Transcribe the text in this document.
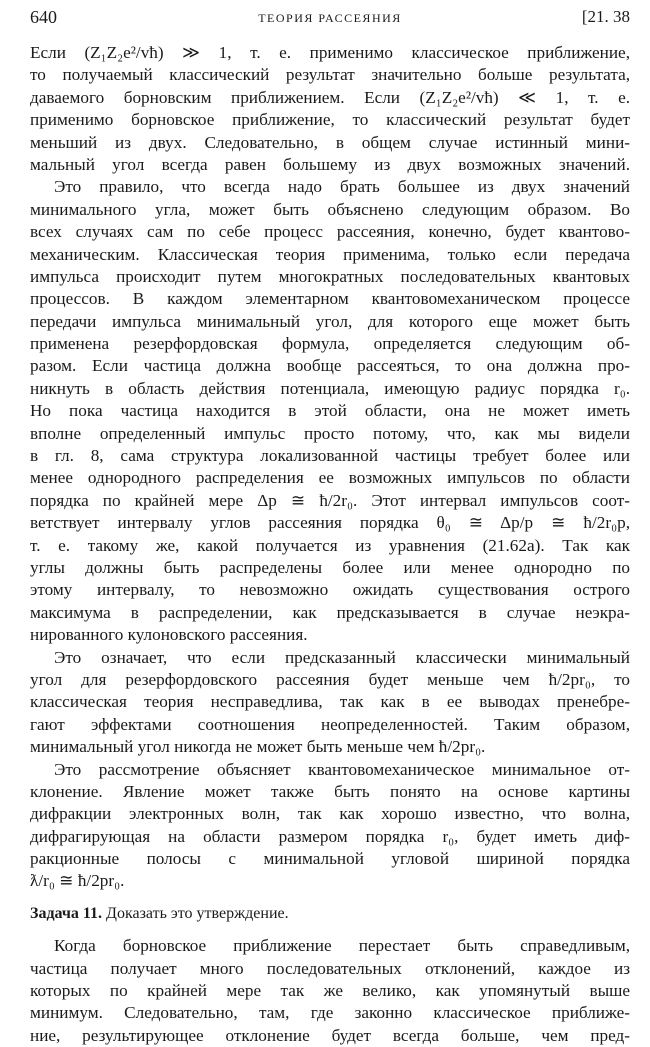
640	ТЕОРИЯ РАССЕЯНИЯ	[21. 38
Если (Z₁Z₂e²/vħ) ≫ 1, т. е. применимо классическое приближение,
то получаемый классический результат значительно больше результата,
даваемого борновским приближением. Если (Z₁Z₂e²/vħ) ≪ 1, т. е.
применимо борновское приближение, то классический результат будет
меньший из двух. Следовательно, в общем случае истинный мини-
мальный угол всегда равен большему из двух возможных значений.
Это правило, что всегда надо брать большее из двух значений
минимального угла, может быть объяснено следующим образом. Во
всех случаях сам по себе процесс рассеяния, конечно, будет квантово-
механическим. Классическая теория применима, только если передача
импульса происходит путем многократных последовательных квантовых
процессов. В каждом элементарном квантовомеханическом процессе
передачи импульса минимальный угол, для которого еще может быть
применена резерфордовская формула, определяется следующим об-
разом. Если частица должна вообще рассеяться, то она должна про-
никнуть в область действия потенциала, имеющую радиус порядка r₀.
Но пока частица находится в этой области, она не может иметь
вполне определенный импульс просто потому, что, как мы видели
в гл. 8, сама структура локализованной частицы требует более или
менее однородного распределения ее возможных импульсов по области
порядка по крайней мере Δp ≅ ħ/2r₀. Этот интервал импульсов соот-
ветствует интервалу углов рассеяния порядка θ₀ ≅ Δp/p ≅ ħ/2r₀p,
т. е. такому же, какой получается из уравнения (21.62a). Так как
углы должны быть распределены более или менее однородно по
этому интервалу, то невозможно ожидать существования острого
максимума в распределении, как предсказывается в случае неэкра-
нированного кулоновского рассеяния.
Это означает, что если предсказанный классически минимальный
угол для резерфордовского рассеяния будет меньше чем ħ/2pr₀, то
классическая теория несправедлива, так как в ее выводах пренебре-
гают эффектами соотношения неопределенностей. Таким образом,
минимальный угол никогда не может быть меньше чем ħ/2pr₀.
Это рассмотрение объясняет квантовомеханическое минимальное от-
клонение. Явление может также быть понято на основе картины
дифракции электронных волн, так как хорошо известно, что волна,
дифрагирующая на области размером порядка r₀, будет иметь диф-
ракционные полосы с минимальной угловой шириной порядка
ƛ/r₀ ≅ ħ/2pr₀.
Задача 11. Доказать это утверждение.
Когда борновское приближение перестает быть справедливым,
частица получает много последовательных отклонений, каждое из
которых по крайней мере так же велико, как упомянутый выше
минимум. Следовательно, там, где законно классическое приближе-
ние, результирующее отклонение будет всегда больше, чем пред-
